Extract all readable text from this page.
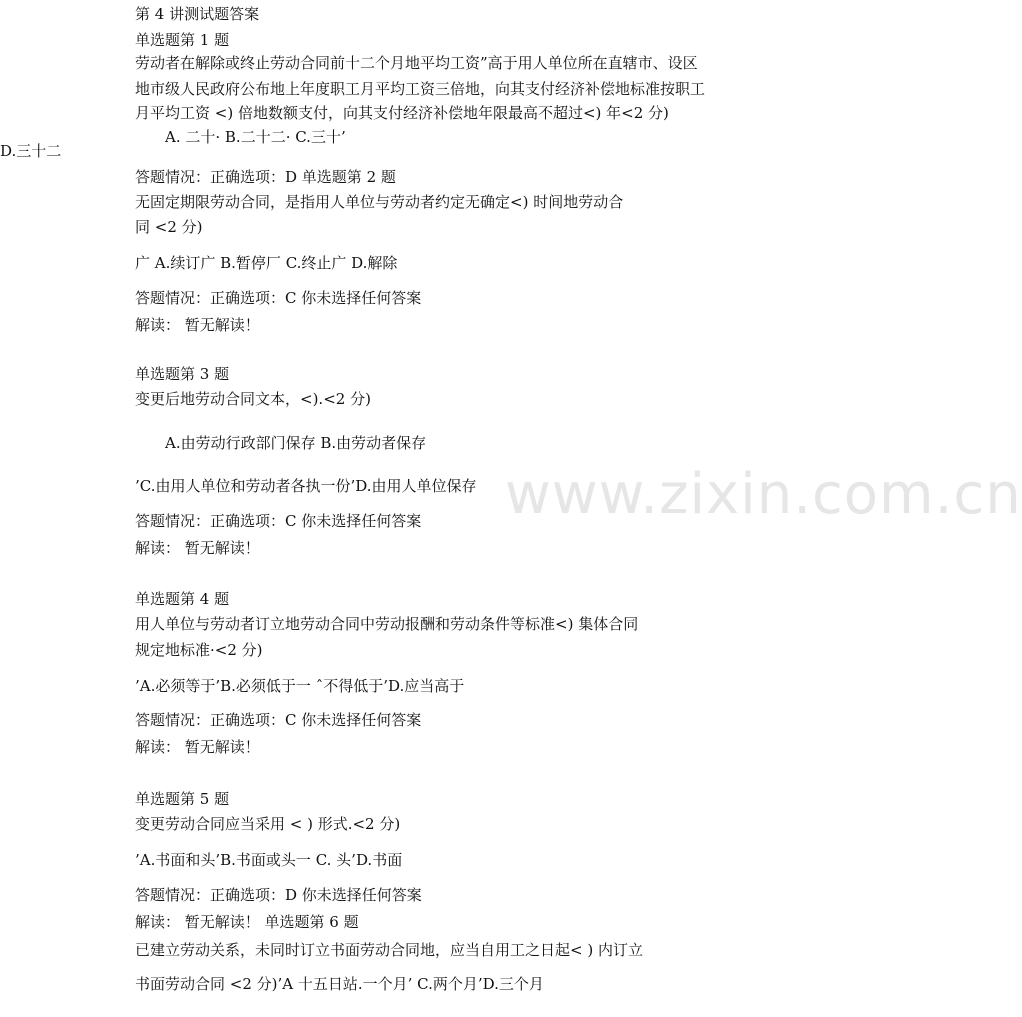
www.zixin.com.cn
第 4 讲测试题答案
单选题第 1 题
劳动者在解除或终止劳动合同前十二个月地平均工资”高于用人单位所在直辖市、设区
地市级人民政府公布地上年度职工月平均工资三倍地，向其支付经济补偿地标准按职工
月平均工资 <) 倍地数额支付，向其支付经济补偿地年限最高不超过<) 年<2 分)
A. 二十· B.二十二· C.三十’
D.三十二
答题情况：正确选项：D 单选题第 2 题
无固定期限劳动合同，是指用人单位与劳动者约定无确定<) 时间地劳动合
同 <2 分)
广 A.续订广 B.暂停厂 C.终止广 D.解除
答题情况：正确选项：C 你未选择任何答案
解读： 暂无解读！
单选题第 3 题
变更后地劳动合同文本，<).<2 分)
A.由劳动行政部门保存 B.由劳动者保存
’C.由用人单位和劳动者各执一份’D.由用人单位保存
答题情况：正确选项：C 你未选择任何答案
解读： 暂无解读！
单选题第 4 题
用人单位与劳动者订立地劳动合同中劳动报酬和劳动条件等标准<) 集体合同
规定地标准·<2 分)
’A.必须等于’B.必须低于一 ˆ不得低于’D.应当高于
答题情况：正确选项：C 你未选择任何答案
解读： 暂无解读！
单选题第 5 题
变更劳动合同应当采用 < ) 形式.<2 分)
’A.书面和头’B.书面或头一 C. 头’D.书面
答题情况：正确选项：D 你未选择任何答案
解读： 暂无解读！ 单选题第 6 题
已建立劳动关系，未同时订立书面劳动合同地，应当自用工之日起< ) 内订立
书面劳动合同 <2 分)’A 十五日站.一个月’ C.两个月’D.三个月
